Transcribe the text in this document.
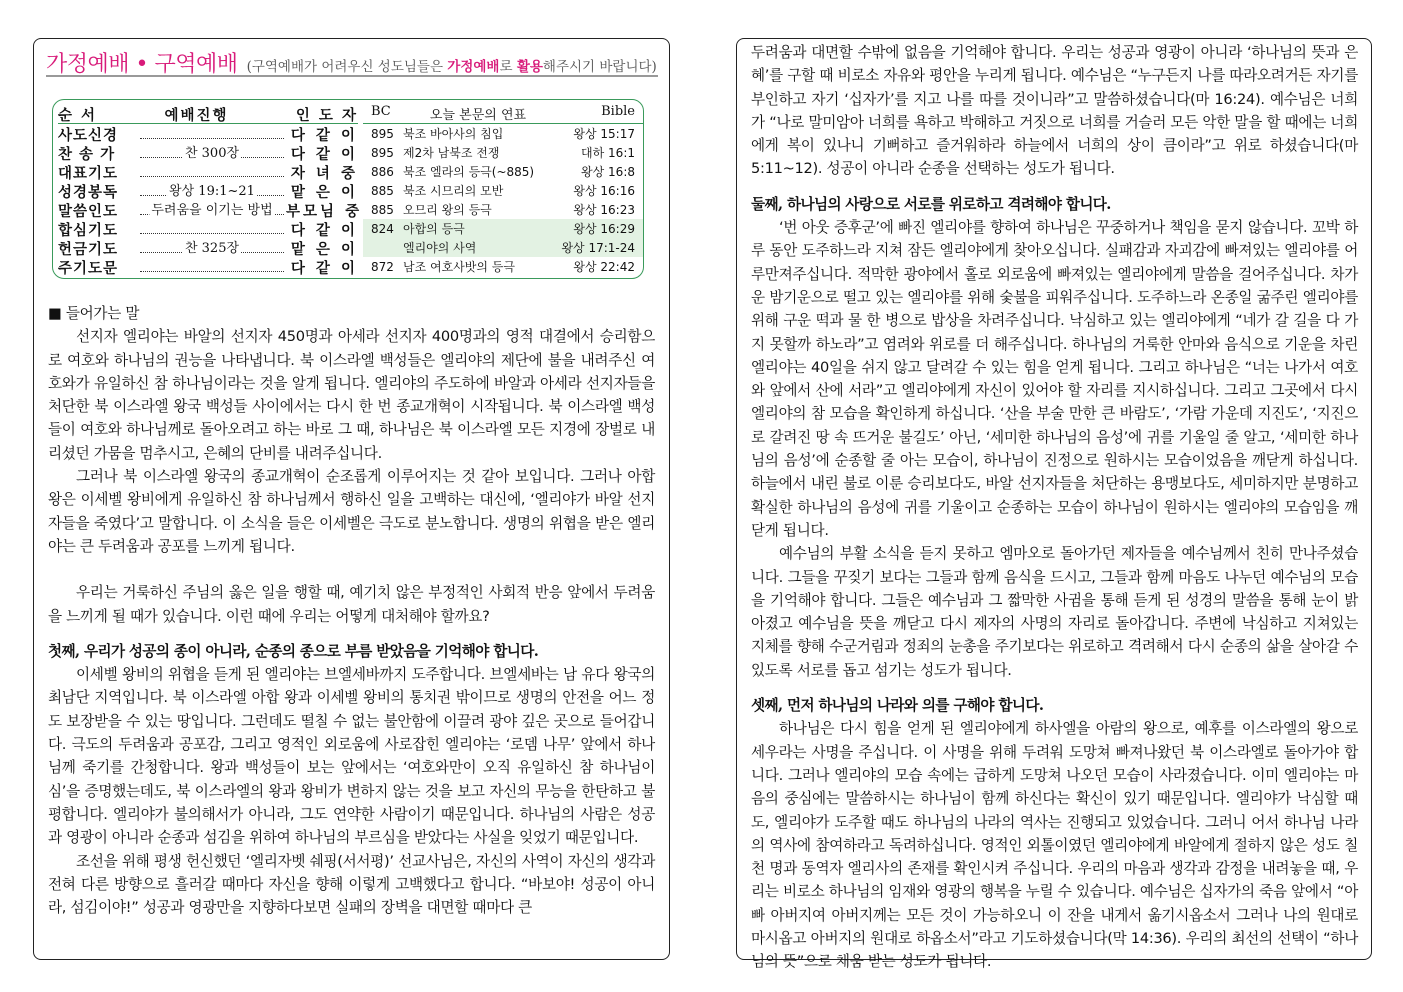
가정예배 • 구역예배 (구역예배가 어려우신 성도님들은 가정예배로 활용해주시기 바랍니다)
순 서	예배진행	인 도 자
사도신경	다 같 이
찬 송 가	찬 300장	다 같 이
대표기도	자 녀 중
성경봉독	왕상 19:1~21	맡 은 이
말씀인도	두려움을 이기는 방법 부모님 중
합심기도	다 같 이
헌금기도	찬 325장	맡 은 이
주기도문	다 같 이
BC	오늘 본문의 연표	Bible
895 북조 바아사의 침입	왕상 15:17
895 제2차 남북조 전쟁	대하 16:1
886 북조 엘라의 등극(~885)	왕상 16:8
885 북조 시므리의 모반	왕상 16:16
885 오므리 왕의 등극	왕상 16:23
824 아합의 등극	왕상 16:29
엘리야의 사역	왕상 17:1-24
872 남조 여호사밧의 등극	왕상 22:42

■ 들어가는 말

선지자 엘리야는 바알의 선지자 450명과 아세라 선지자 400명과의 영적 대결에서 승리함으로 여호와 하나님의 권능을 나타냅니다. 북 이스라엘 백성들은 엘리야의 제단에 불을 내려주신 여호와가 유일하신 참 하나님이라는 것을 알게 됩니다. 엘리야의 주도하에 바알과 아세라 선지자들을 처단한 북 이스라엘 왕국 백성들 사이에서는 다시 한 번 종교개혁이 시작됩니다. 북 이스라엘 백성들이 여호와 하나님께로 돌아오려고 하는 바로 그 때, 하나님은 북 이스라엘 모든 지경에 장벌로 내리셨던 가뭄을 멈추시고, 은혜의 단비를 내려주십니다.

그러나 북 이스라엘 왕국의 종교개혁이 순조롭게 이루어지는 것 같아 보입니다. 그러나 아합 왕은 이세벨 왕비에게 유일하신 참 하나님께서 행하신 일을 고백하는 대신에, ‘엘리야가 바알 선지자들을 죽였다’고 말합니다. 이 소식을 들은 이세벨은 극도로 분노합니다. 생명의 위협을 받은 엘리야는 큰 두려움과 공포를 느끼게 됩니다.

우리는 거룩하신 주님의 옳은 일을 행할 때, 예기치 않은 부정적인 사회적 반응 앞에서 두려움을 느끼게 될 때가 있습니다. 이런 때에 우리는 어떻게 대처해야 할까요?

첫째, 우리가 성공의 종이 아니라, 순종의 종으로 부름 받았음을 기억해야 합니다.

이세벨 왕비의 위협을 듣게 된 엘리야는 브엘세바까지 도주합니다. 브엘세바는 남 유다 왕국의 최남단 지역입니다. 북 이스라엘 아합 왕과 이세벨 왕비의 통치권 밖이므로 생명의 안전을 어느 정도 보장받을 수 있는 땅입니다. 그런데도 떨칠 수 없는 불안함에 이끌려 광야 깊은 곳으로 들어갑니다. 극도의 두려움과 공포감, 그리고 영적인 외로움에 사로잡힌 엘리야는 ‘로뎀 나무’ 앞에서 하나님께 죽기를 간청합니다. 왕과 백성들이 보는 앞에서는 ‘여호와만이 오직 유일하신 참 하나님이심’을 증명했는데도, 북 이스라엘의 왕과 왕비가 변하지 않는 것을 보고 자신의 무능을 한탄하고 불평합니다. 엘리야가 불의해서가 아니라, 그도 연약한 사람이기 때문입니다. 하나님의 사람은 성공과 영광이 아니라 순종과 섬김을 위하여 하나님의 부르심을 받았다는 사실을 잊었기 때문입니다.

조선을 위해 평생 헌신했던 ‘엘리자벳 쉐핑(서서평)’ 선교사님은, 자신의 사역이 자신의 생각과 전혀 다른 방향으로 흘러갈 때마다 자신을 향해 이렇게 고백했다고 합니다. “바보야! 성공이 아니라, 섬김이야!” 성공과 영광만을 지향하다보면 실패의 장벽을 대면할 때마다 큰

두려움과 대면할 수밖에 없음을 기억해야 합니다. 우리는 성공과 영광이 아니라 ‘하나님의 뜻과 은혜’를 구할 때 비로소 자유와 평안을 누리게 됩니다. 예수님은 “누구든지 나를 따라오려거든 자기를 부인하고 자기 ‘십자가’를 지고 나를 따를 것이니라”고 말씀하셨습니다(마 16:24). 예수님은 너희가 “나로 말미암아 너희를 욕하고 박해하고 거짓으로 너희를 거슬러 모든 악한 말을 할 때에는 너희에게 복이 있나니 기뻐하고 즐거워하라 하늘에서 너희의 상이 큼이라”고 위로 하셨습니다(마 5:11~12). 성공이 아니라 순종을 선택하는 성도가 됩니다.

둘째, 하나님의 사랑으로 서로를 위로하고 격려해야 합니다.

‘번 아웃 증후군’에 빠진 엘리야를 향하여 하나님은 꾸중하거나 책임을 묻지 않습니다. 꼬박 하루 동안 도주하느라 지쳐 잠든 엘리야에게 찾아오십니다. 실패감과 자괴감에 빠져있는 엘리야를 어루만져주십니다. 적막한 광야에서 홀로 외로움에 빠져있는 엘리야에게 말씀을 걸어주십니다. 차가운 밤기운으로 떨고 있는 엘리야를 위해 숯불을 피워주십니다. 도주하느라 온종일 굶주린 엘리야를 위해 구운 떡과 물 한 병으로 밥상을 차려주십니다. 낙심하고 있는 엘리야에게 “네가 갈 길을 다 가지 못할까 하노라”고 염려와 위로를 더 해주십니다. 하나님의 거룩한 안마와 음식으로 기운을 차린 엘리야는 40일을 쉬지 않고 달려갈 수 있는 힘을 얻게 됩니다. 그리고 하나님은 “너는 나가서 여호와 앞에서 산에 서라”고 엘리야에게 자신이 있어야 할 자리를 지시하십니다. 그리고 그곳에서 다시 엘리야의 참 모습을 확인하게 하십니다. ‘산을 부술 만한 큰 바람도’, ‘가람 가운데 지진도’, ‘지진으로 갈려진 땅 속 뜨거운 불길도’ 아닌, ‘세미한 하나님의 음성’에 귀를 기울일 줄 알고, ‘세미한 하나님의 음성’에 순종할 줄 아는 모습이, 하나님이 진정으로 원하시는 모습이었음을 깨닫게 하십니다. 하늘에서 내린 불로 이룬 승리보다도, 바알 선지자들을 처단하는 용맹보다도, 세미하지만 분명하고 확실한 하나님의 음성에 귀를 기울이고 순종하는 모습이 하나님이 원하시는 엘리야의 모습임을 깨닫게 됩니다.

예수님의 부활 소식을 듣지 못하고 엠마오로 돌아가던 제자들을 예수님께서 친히 만나주셨습니다. 그들을 꾸짖기 보다는 그들과 함께 음식을 드시고, 그들과 함께 마음도 나누던 예수님의 모습을 기억해야 합니다. 그들은 예수님과 그 짧막한 사귐을 통해 듣게 된 성경의 말씀을 통해 눈이 밝아졌고 예수님을 뜻을 깨닫고 다시 제자의 사명의 자리로 돌아갑니다. 주변에 낙심하고 지쳐있는 지체를 향해 수군거림과 정죄의 눈총을 주기보다는 위로하고 격려해서 다시 순종의 삶을 살아갈 수 있도록 서로를 돕고 섬기는 성도가 됩니다.

셋째, 먼저 하나님의 나라와 의를 구해야 합니다.

하나님은 다시 힘을 얻게 된 엘리야에게 하사엘을 아람의 왕으로, 예후를 이스라엘의 왕으로 세우라는 사명을 주십니다. 이 사명을 위해 두려워 도망쳐 빠져나왔던 북 이스라엘로 돌아가야 합니다. 그러나 엘리야의 모습 속에는 급하게 도망쳐 나오던 모습이 사라졌습니다. 이미 엘리야는 마음의 중심에는 말씀하시는 하나님이 함께 하신다는 확신이 있기 때문입니다. 엘리야가 낙심할 때도, 엘리야가 도주할 때도 하나님의 나라의 역사는 진행되고 있었습니다. 그러니 어서 하나님 나라의 역사에 참여하라고 독려하십니다. 영적인 외톨이였던 엘리야에게 바알에게 절하지 않은 성도 칠천 명과 동역자 엘리사의 존재를 확인시켜 주십니다. 우리의 마음과 생각과 감정을 내려놓을 때, 우리는 비로소 하나님의 임재와 영광의 행복을 누릴 수 있습니다. 예수님은 십자가의 죽음 앞에서 “아빠 아버지여 아버지께는 모든 것이 가능하오니 이 잔을 내게서 옮기시옵소서 그러나 나의 원대로 마시옵고 아버지의 원대로 하옵소서”라고 기도하셨습니다(막 14:36). 우리의 최선의 선택이 “하나님의 뜻”으로 채움 받는 성도가 됩니다.
